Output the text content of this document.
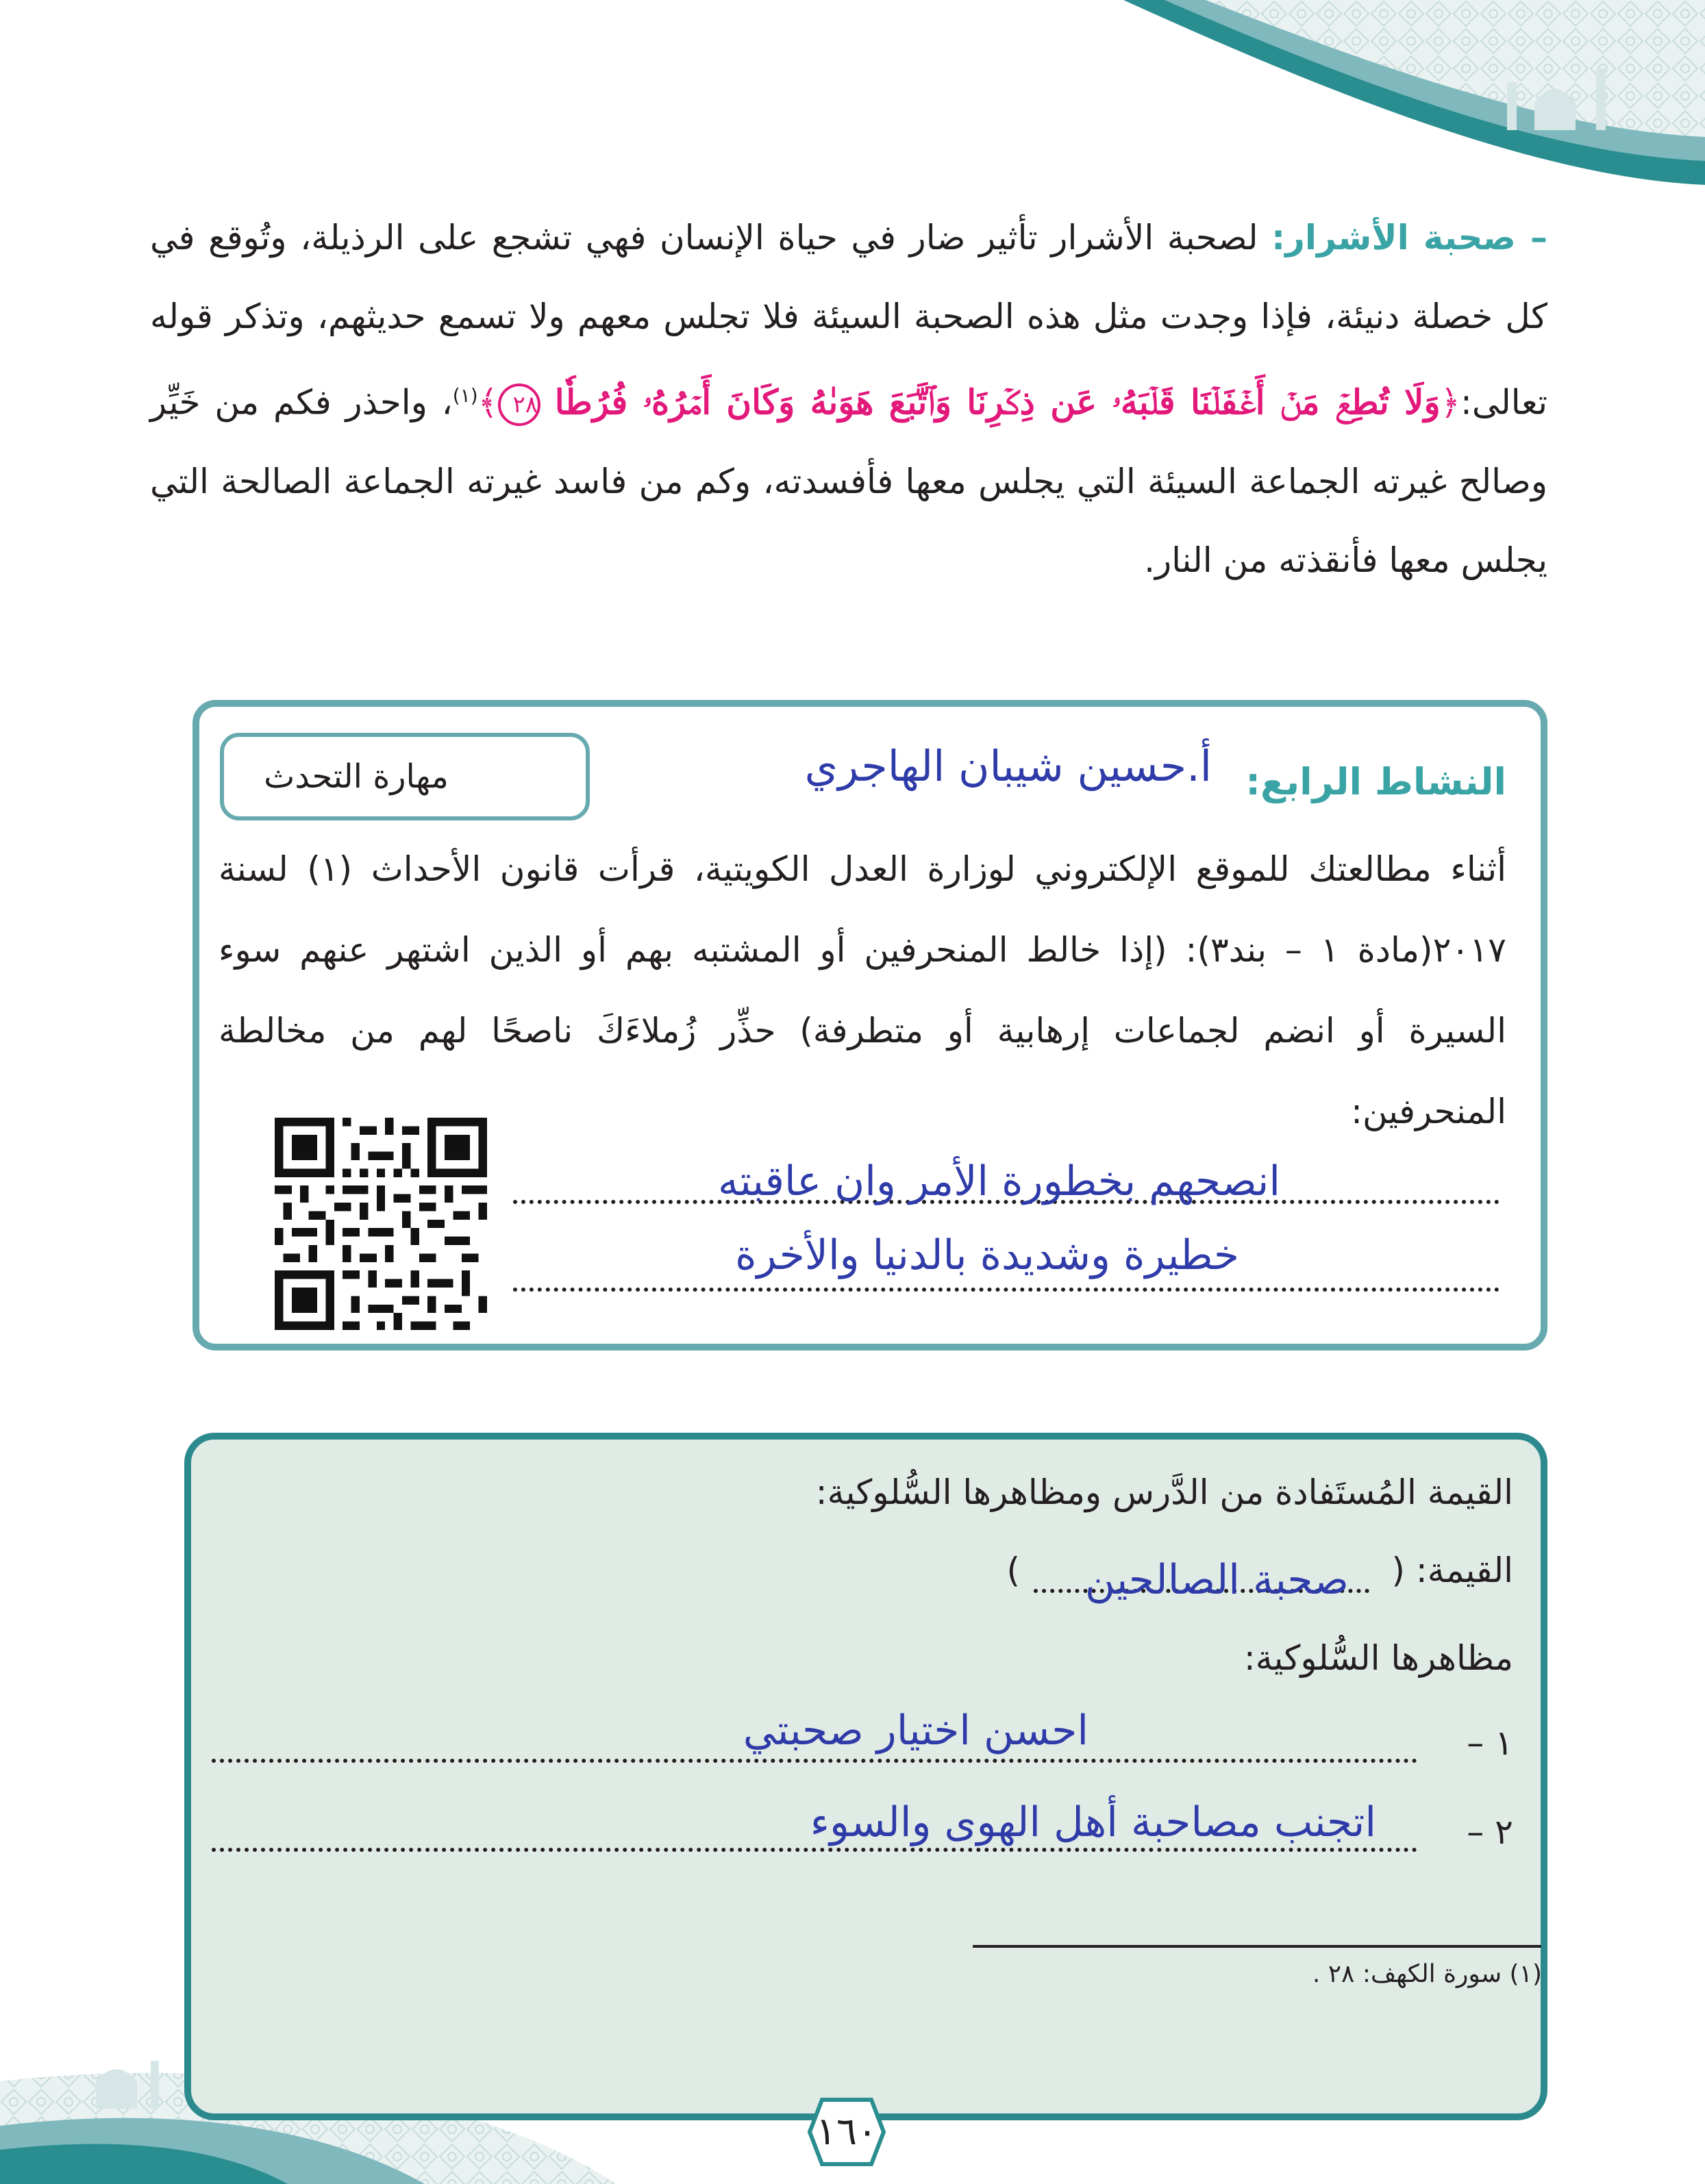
– صحبة الأشرار: لصحبة الأشرار تأثير ضار في حياة الإنسان فهي تشجع على الرذيلة، وتُوقع في كل خصلة دنيئة، فإذا وجدت مثل هذه الصحبة السيئة فلا تجلس معهم ولا تسمع حديثهم، وتذكر قوله تعالى:﴿وَلَا تُطِعۡ مَنۡ أَغۡفَلۡنَا قَلۡبَهُۥ عَن ذِكۡرِنَا وَٱتَّبَعَ هَوَىٰهُ وَكَانَ أَمۡرُهُۥ فُرُطٗا ٢٨﴾$^{(١)}$، واحذر فكم من خَيِّر وصالح غيرته الجماعة السيئة التي يجلس معها فأفسدته، وكم من فاسد غيرته الجماعة الصالحة التي يجلس معها فأنقذته من النار.
النشاط الرابع:
أ.حسين شيبان الهاجري
مهارة التحدث
أثناء مطالعتك للموقع الإلكتروني لوزارة العدل الكويتية، قرأت قانون الأحداث (١) لسنة ٢٠١٧(مادة ١ – بند٣): (إذا خالط المنحرفين أو المشتبه بهم أو الذين اشتهر عنهم سوء السيرة أو انضم لجماعات إرهابية أو متطرفة) حذِّر زُملاءَكَ ناصحًا لهم من مخالطة المنحرفين:
انصحهم بخطورة الأمر وان عاقبته
خطيرة وشديدة بالدنيا والأخرة
القيمة المُستَفادة من الدَّرس ومظاهرها السُّلوكية:
القيمة: (
) صحبة الصالحين
مظاهرها السُّلوكية:
١ –
احسن اختيار صحبتي
٢ –
اتجنب مصاحبة أهل الهوى والسوء
(١) سورة الكهف: ٢٨ .
١٦٠
